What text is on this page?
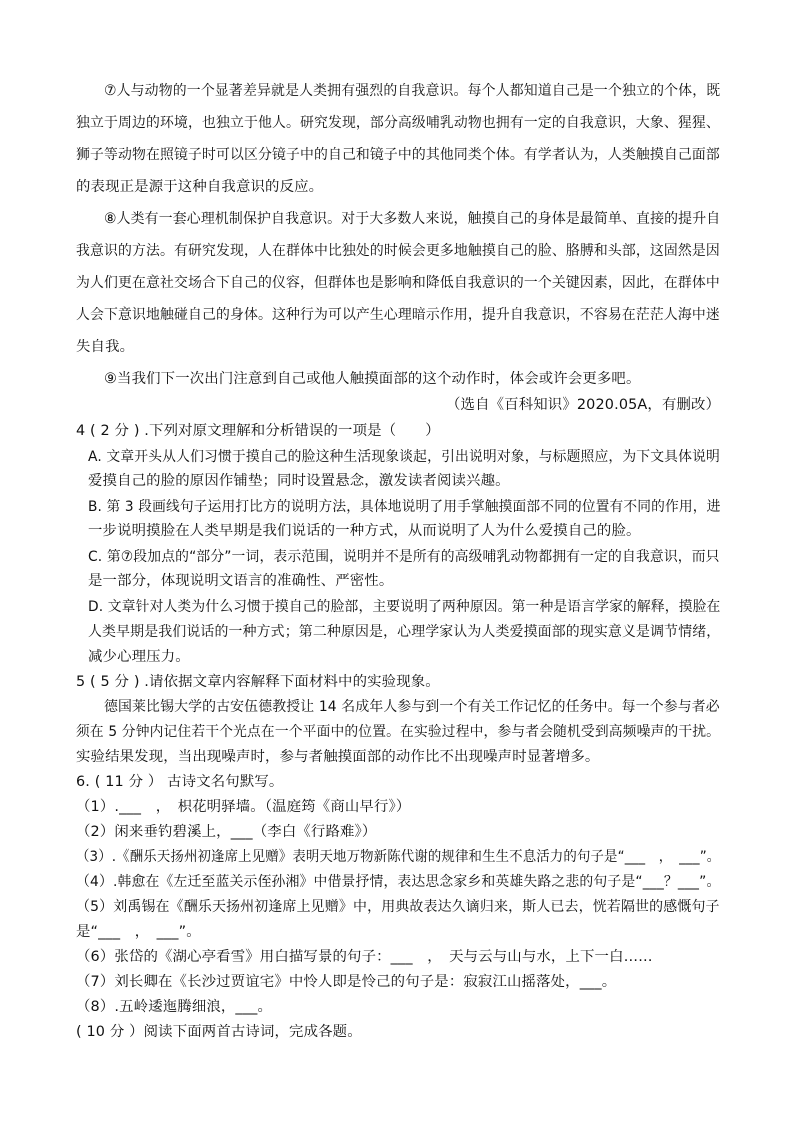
⑦人与动物的一个显著差异就是人类拥有强烈的自我意识。每个人都知道自己是一个独立的个体，既
独立于周边的环境，也独立于他人。研究发现，部分高级哺乳动物也拥有一定的自我意识，大象、猩猩、
狮子等动物在照镜子时可以区分镜子中的自己和镜子中的其他同类个体。有学者认为，人类触摸自己面部
的表现正是源于这种自我意识的反应。
⑧人类有一套心理机制保护自我意识。对于大多数人来说，触摸自己的身体是最简单、直接的提升自
我意识的方法。有研究发现，人在群体中比独处的时候会更多地触摸自己的脸、胳膊和头部，这固然是因
为人们更在意社交场合下自己的仪容，但群体也是影响和降低自我意识的一个关键因素，因此，在群体中
人会下意识地触碰自己的身体。这种行为可以产生心理暗示作用，提升自我意识，不容易在茫茫人海中迷
失自我。
⑨当我们下一次出门注意到自己或他人触摸面部的这个动作时，体会或许会更多吧。
（选自《百科知识》2020.05A，有删改）
4 ( 2 分 ) .下列对原文理解和分析错误的一项是（　　）
A. 文章开头从人们习惯于摸自己的脸这种生活现象谈起，引出说明对象，与标题照应，为下文具体说明
爱摸自己的脸的原因作铺垫；同时设置悬念，激发读者阅读兴趣。
B. 第 3 段画线句子运用打比方的说明方法，具体地说明了用手掌触摸面部不同的位置有不同的作用，进
一步说明摸脸在人类早期是我们说话的一种方式，从而说明了人为什么爱摸自己的脸。
C. 第⑦段加点的“部分”一词，表示范围，说明并不是所有的高级哺乳动物都拥有一定的自我意识，而只
是一部分，体现说明文语言的准确性、严密性。
D. 文章针对人类为什么习惯于摸自己的脸部，主要说明了两种原因。第一种是语言学家的解释，摸脸在
人类早期是我们说话的一种方式；第二种原因是，心理学家认为人类爱摸面部的现实意义是调节情绪，
减少心理压力。
5 ( 5 分 ) .请依据文章内容解释下面材料中的实验现象。
德国莱比锡大学的古安伍德教授让 14 名成年人参与到一个有关工作记忆的任务中。每一个参与者必
须在 5 分钟内记住若干个光点在一个平面中的位置。在实验过程中，参与者会随机受到高频噪声的干扰。
实验结果发现，当出现噪声时，参与者触摸面部的动作比不出现噪声时显著增多。
6. ( 11 分 ） 古诗文名句默写。
（1）.___　，　枳花明驿墙。（温庭筠《商山早行》）
（2）闲来垂钓碧溪上，___（李白《行路难》）
（3）.《酬乐天扬州初逢席上见赠》表明天地万物新陈代谢的规律和生生不息活力的句子是“___　，　___”。
（4）.韩愈在《左迁至蓝关示侄孙湘》中借景抒情，表达思念家乡和英雄失路之悲的句子是“___？___”。
（5）刘禹锡在《酬乐天扬州初逢席上见赠》中，用典故表达久谪归来，斯人已去，恍若隔世的感慨句子
是“___　，　___”。
（6）张岱的《湖心亭看雪》用白描写景的句子：___　，　天与云与山与水，上下一白……
（7）刘长卿在《长沙过贾谊宅》中怜人即是怜己的句子是：寂寂江山摇落处，___。
（8）.五岭逶迤腾细浪，___。
( 10 分 ）阅读下面两首古诗词，完成各题。
